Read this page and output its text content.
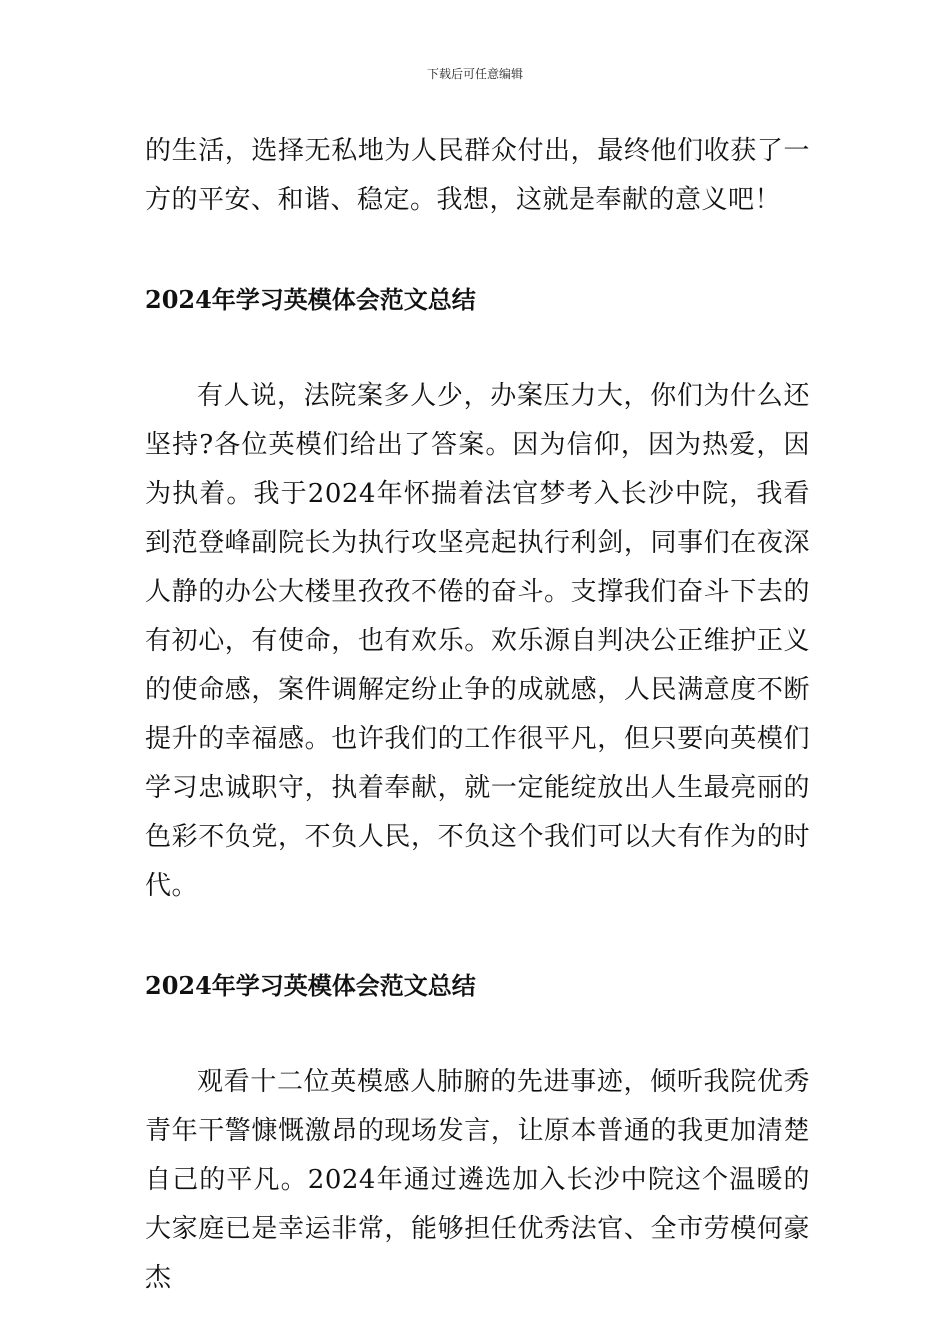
下载后可任意编辑

的生活，选择无私地为人民群众付出，最终他们收获了一方的平安、和谐、稳定。我想，这就是奉献的意义吧！

2024年学习英模体会范文总结

有人说，法院案多人少，办案压力大，你们为什么还坚持?各位英模们给出了答案。因为信仰，因为热爱，因为执着。我于2024年怀揣着法官梦考入长沙中院，我看到范登峰副院长为执行攻坚亮起执行利剑，同事们在夜深人静的办公大楼里孜孜不倦的奋斗。支撑我们奋斗下去的有初心，有使命，也有欢乐。欢乐源自判决公正维护正义的使命感，案件调解定纷止争的成就感，人民满意度不断提升的幸福感。也许我们的工作很平凡，但只要向英模们学习忠诚职守，执着奉献，就一定能绽放出人生最亮丽的色彩不负党，不负人民，不负这个我们可以大有作为的时代。

2024年学习英模体会范文总结

观看十二位英模感人肺腑的先进事迹，倾听我院优秀青年干警慷慨激昂的现场发言，让原本普通的我更加清楚自己的平凡。2024年通过遴选加入长沙中院这个温暖的大家庭已是幸运非常，能够担任优秀法官、全市劳模何豪杰
